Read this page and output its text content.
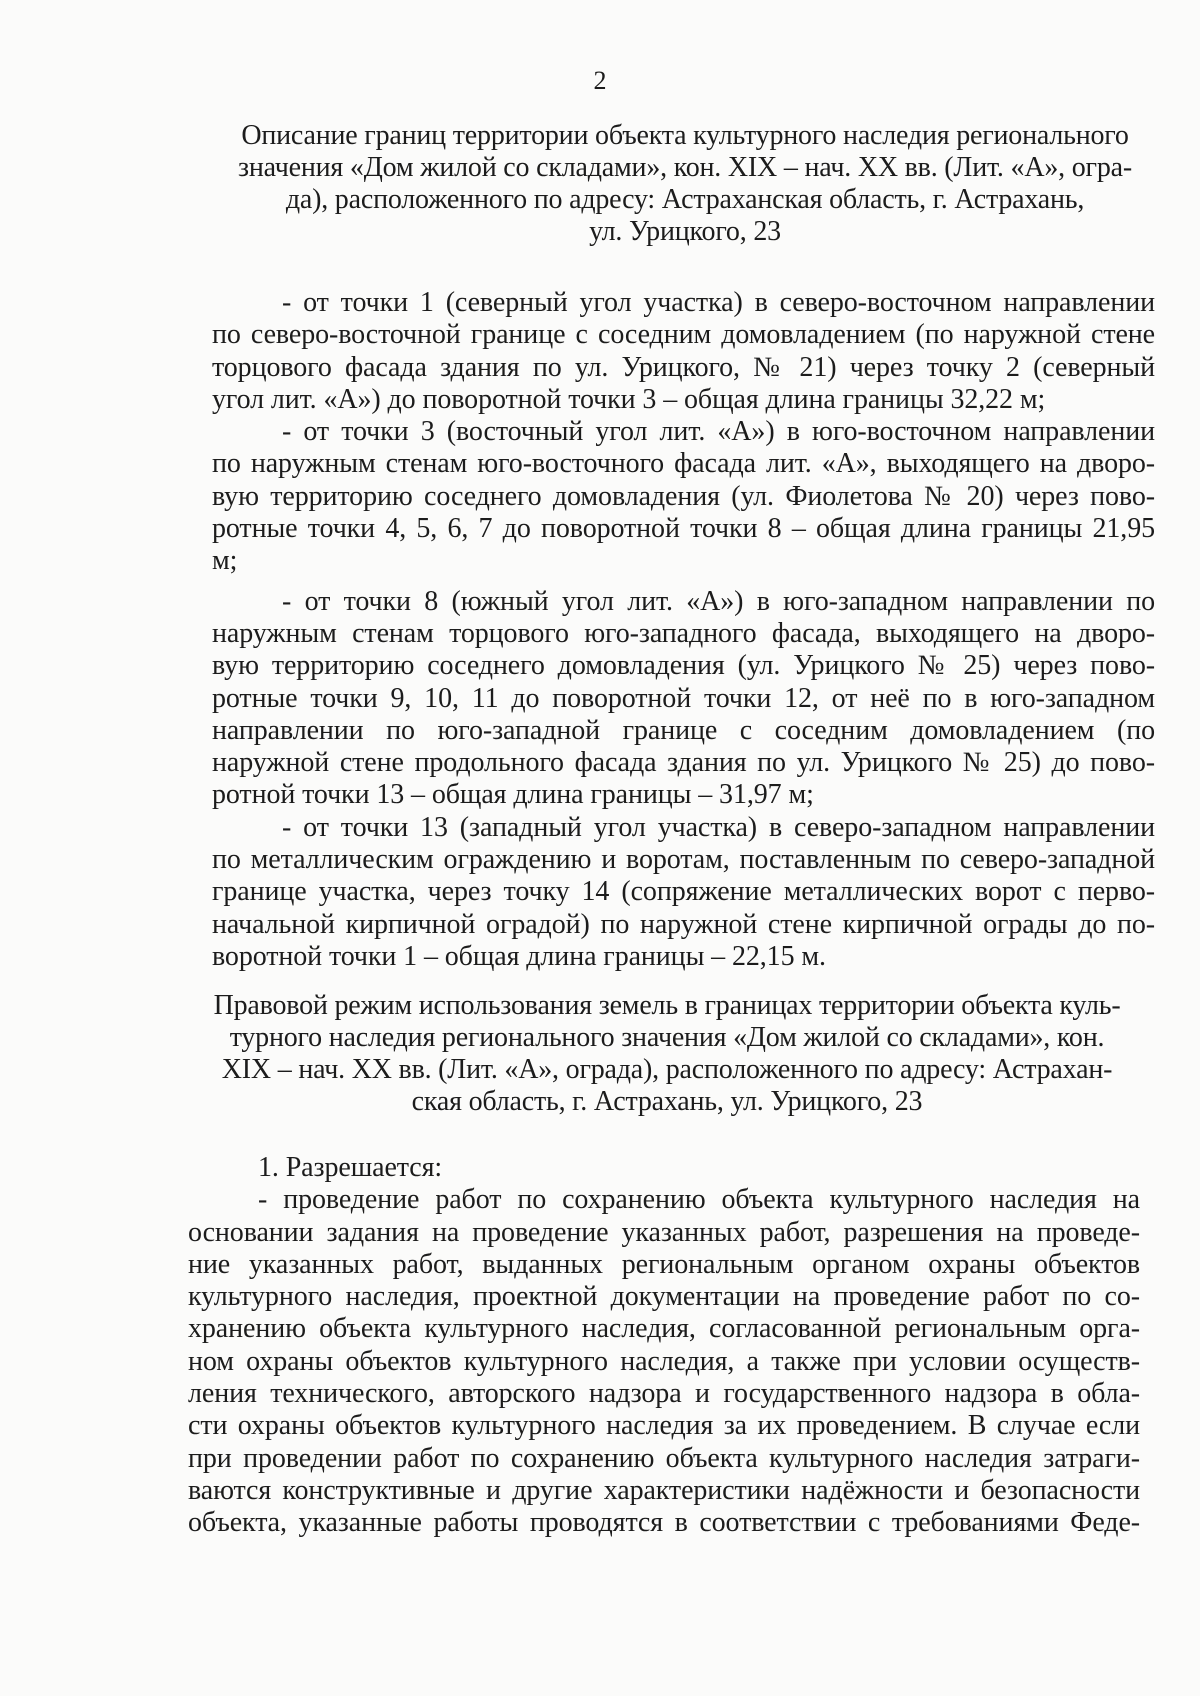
2
Описание границ территории объекта культурного наследия регионального
значения «Дом жилой со складами», кон. XIX – нач. XX вв. (Лит. «А», огра-
да), расположенного по адресу: Астраханская область, г. Астрахань,
ул. Урицкого, 23
- от точки 1 (северный угол участка) в северо-восточном направлении
по северо-восточной границе с соседним домовладением (по наружной стене
торцового фасада здания по ул. Урицкого, № 21) через точку 2 (северный
угол лит. «А») до поворотной точки 3 – общая длина границы 32,22 м;
- от точки 3 (восточный угол лит. «А») в юго-восточном направлении
по наружным стенам юго-восточного фасада лит. «А», выходящего на дворо-
вую территорию соседнего домовладения (ул. Фиолетова № 20) через пово-
ротные точки 4, 5, 6, 7 до поворотной точки 8 – общая длина границы 21,95
м;
- от точки 8 (южный угол лит. «А») в юго-западном направлении по
наружным стенам торцового юго-западного фасада, выходящего на дворо-
вую территорию соседнего домовладения (ул. Урицкого № 25) через пово-
ротные точки 9, 10, 11 до поворотной точки 12, от неё по в юго-западном
направлении по юго-западной границе с соседним домовладением (по
наружной стене продольного фасада здания по ул. Урицкого № 25) до пово-
ротной точки 13 – общая длина границы – 31,97 м;
- от точки 13 (западный угол участка) в северо-западном направлении
по металлическим ограждению и воротам, поставленным по северо-западной
границе участка, через точку 14 (сопряжение металлических ворот с перво-
начальной кирпичной оградой) по наружной стене кирпичной ограды до по-
воротной точки 1 – общая длина границы – 22,15 м.
Правовой режим использования земель в границах территории объекта куль-
турного наследия регионального значения «Дом жилой со складами», кон.
XIX – нач. XX вв. (Лит. «А», ограда), расположенного по адресу: Астрахан-
ская область, г. Астрахань, ул. Урицкого, 23
1. Разрешается:
- проведение работ по сохранению объекта культурного наследия на
основании задания на проведение указанных работ, разрешения на проведе-
ние указанных работ, выданных региональным органом охраны объектов
культурного наследия, проектной документации на проведение работ по со-
хранению объекта культурного наследия, согласованной региональным орга-
ном охраны объектов культурного наследия, а также при условии осуществ-
ления технического, авторского надзора и государственного надзора в обла-
сти охраны объектов культурного наследия за их проведением. В случае если
при проведении работ по сохранению объекта культурного наследия затраги-
ваются конструктивные и другие характеристики надёжности и безопасности
объекта, указанные работы проводятся в соответствии с требованиями Феде-
